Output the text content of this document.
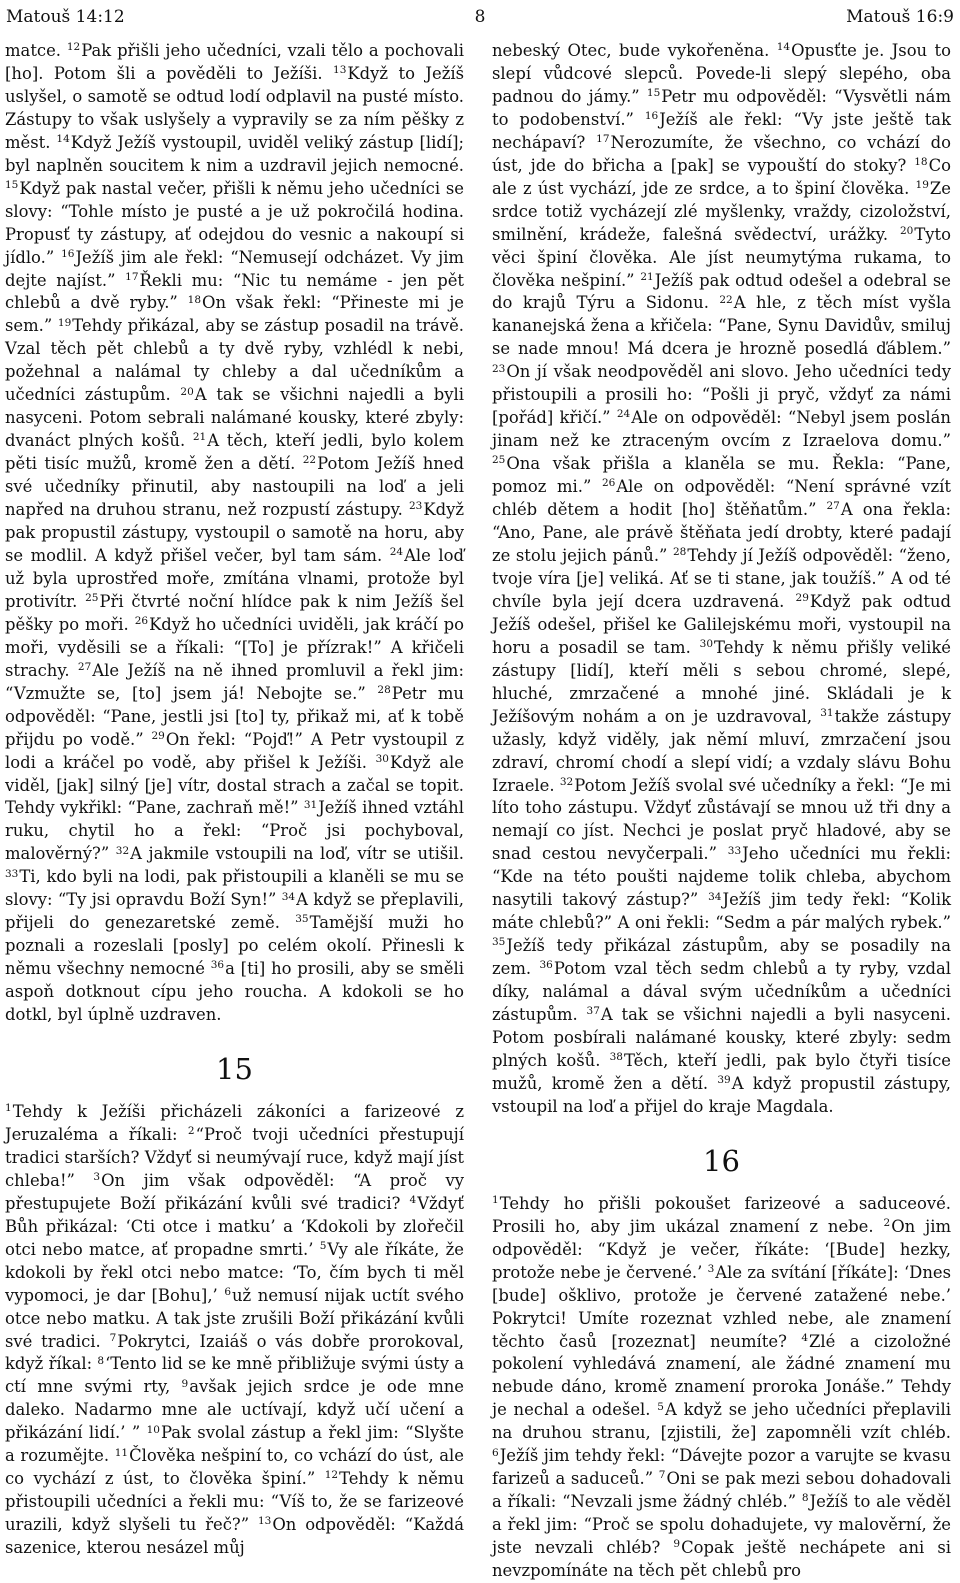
Matouš 14:12	8	Matouš 16:9

matce. $^{12}$Pak přišli jeho učedníci, vzali tělo a pochovali [ho]. Potom šli a pověděli to Ježíši. $^{13}$Když to Ježíš uslyšel, o samotě se odtud lodí odplavil na pusté místo. Zástupy to však uslyšely a vypravily se za ním pěšky z měst. $^{14}$Když Ježíš vystoupil, uviděl veliký zástup [lidí]; byl naplněn soucitem k nim a uzdravil jejich nemocné. $^{15}$Když pak nastal večer, přišli k němu jeho učedníci se slovy: “Tohle místo je pusté a je už pokročilá hodina. Propusť ty zástupy, ať odejdou do vesnic a nakoupí si jídlo.” $^{16}$Ježíš jim ale řekl: “Nemusejí odcházet. Vy jim dejte najíst.” $^{17}$Řekli mu: “Nic tu nemáme - jen pět chlebů a dvě ryby.” $^{18}$On však řekl: “Přineste mi je sem.” $^{19}$Tehdy přikázal, aby se zástup posadil na trávě. Vzal těch pět chlebů a ty dvě ryby, vzhlédl k nebi, požehnal a nalámal ty chleby a dal učedníkům a učedníci zástupům. $^{20}$A tak se všichni najedli a byli nasyceni. Potom sebrali nalámané kousky, které zbyly: dvanáct plných košů. $^{21}$A těch, kteří jedli, bylo kolem pěti tisíc mužů, kromě žen a dětí. $^{22}$Potom Ježíš hned své učedníky přinutil, aby nastoupili na loď a jeli napřed na druhou stranu, než rozpustí zástupy. $^{23}$Když pak propustil zástupy, vystoupil o samotě na horu, aby se modlil. A když přišel večer, byl tam sám. $^{24}$Ale loď už byla uprostřed moře, zmítána vlnami, protože byl protivítr. $^{25}$Při čtvrté noční hlídce pak k nim Ježíš šel pěšky po moři. $^{26}$Když ho učedníci uviděli, jak kráčí po moři, vyděsili se a říkali: “[To] je přízrak!” A křičeli strachy. $^{27}$Ale Ježíš na ně ihned promluvil a řekl jim: “Vzmužte se, [to] jsem já! Nebojte se.” $^{28}$Petr mu odpověděl: “Pane, jestli jsi [to] ty, přikaž mi, ať k tobě přijdu po vodě.” $^{29}$On řekl: “Pojď!” A Petr vystoupil z lodi a kráčel po vodě, aby přišel k Ježíši. $^{30}$Když ale viděl, [jak] silný [je] vítr, dostal strach a začal se topit. Tehdy vykřikl: “Pane, zachraň mě!” $^{31}$Ježíš ihned vztáhl ruku, chytil ho a řekl: “Proč jsi pochyboval, malověrný?” $^{32}$A jakmile vstoupili na loď, vítr se utišil. $^{33}$Ti, kdo byli na lodi, pak přistoupili a klaněli se mu se slovy: “Ty jsi opravdu Boží Syn!” $^{34}$A když se přeplavili, přijeli do genezaretské země. $^{35}$Tamější muži ho poznali a rozeslali [posly] po celém okolí. Přinesli k němu všechny nemocné $^{36}$a [ti] ho prosili, aby se směli aspoň dotknout cípu jeho roucha. A kdokoli se ho dotkl, byl úplně uzdraven.

15

$^1$Tehdy k Ježíši přicházeli zákoníci a farizeové z Jeruzaléma a říkali: $^2$“Proč tvoji učedníci přestupují tradici starších? Vždyť si neumývají ruce, když mají jíst chleba!” $^3$On jim však odpověděl: “A proč vy přestupujete Boží přikázání kvůli své tradici? $^4$Vždyť Bůh přikázal: ‘Cti otce i matku’ a ‘Kdokoli by zlořečil otci nebo matce, ať propadne smrti.’ $^5$Vy ale říkáte, že kdokoli by řekl otci nebo matce: ‘To, čím bych ti měl vypomoci, je dar [Bohu],’ $^6$už nemusí nijak uctít svého otce nebo matku. A tak jste zrušili Boží přikázání kvůli své tradici. $^7$Pokrytci, Izaiáš o vás dobře prorokoval, když říkal: $^8$‘Tento lid se ke mně přibližuje svými ústy a ctí mne svými rty, $^9$avšak jejich srdce je ode mne daleko. Nadarmo mne ale uctívají, když učí učení a přikázání lidí.’ ” $^{10}$Pak svolal zástup a řekl jim: “Slyšte a rozumějte. $^{11}$Člověka nešpiní to, co vchází do úst, ale co vychází z úst, to člověka špiní.” $^{12}$Tehdy k němu přistoupili učedníci a řekli mu: “Víš to, že se farizeové urazili, když slyšeli tu řeč?” $^{13}$On odpověděl: “Každá sazenice, kterou nesázel můj

nebeský Otec, bude vykořeněna. $^{14}$Opusťte je. Jsou to slepí vůdcové slepců. Povede-li slepý slepého, oba padnou do jámy.” $^{15}$Petr mu odpověděl: “Vysvětli nám to podobenství.” $^{16}$Ježíš ale řekl: “Vy jste ještě tak nechápaví? $^{17}$Nerozumíte, že všechno, co vchází do úst, jde do břicha a [pak] se vypouští do stoky? $^{18}$Co ale z úst vychází, jde ze srdce, a to špiní člověka. $^{19}$Ze srdce totiž vycházejí zlé myšlenky, vraždy, cizoložství, smilnění, krádeže, falešná svědectví, urážky. $^{20}$Tyto věci špiní člověka. Ale jíst neumytýma rukama, to člověka nešpiní.” $^{21}$Ježíš pak odtud odešel a odebral se do krajů Týru a Sidonu. $^{22}$A hle, z těch míst vyšla kananejská žena a křičela: “Pane, Synu Davidův, smiluj se nade mnou! Má dcera je hrozně posedlá ďáblem.” $^{23}$On jí však neodpověděl ani slovo. Jeho učedníci tedy přistoupili a prosili ho: “Pošli ji pryč, vždyť za námi [pořád] křičí.” $^{24}$Ale on odpověděl: “Nebyl jsem poslán jinam než ke ztraceným ovcím z Izraelova domu.” $^{25}$Ona však přišla a klaněla se mu. Řekla: “Pane, pomoz mi.” $^{26}$Ale on odpověděl: “Není správné vzít chléb dětem a hodit [ho] štěňatům.” $^{27}$A ona řekla: “Ano, Pane, ale právě štěňata jedí drobty, které padají ze stolu jejich pánů.” $^{28}$Tehdy jí Ježíš odpověděl: “ženo, tvoje víra [je] veliká. Ať se ti stane, jak toužíš.” A od té chvíle byla její dcera uzdravená. $^{29}$Když pak odtud Ježíš odešel, přišel ke Galilejskému moři, vystoupil na horu a posadil se tam. $^{30}$Tehdy k němu přišly veliké zástupy [lidí], kteří měli s sebou chromé, slepé, hluché, zmrzačené a mnohé jiné. Skládali je k Ježíšovým nohám a on je uzdravoval, $^{31}$takže zástupy užasly, když viděly, jak němí mluví, zmrzačení jsou zdraví, chromí chodí a slepí vidí; a vzdaly slávu Bohu Izraele. $^{32}$Potom Ježíš svolal své učedníky a řekl: “Je mi líto toho zástupu. Vždyť zůstávají se mnou už tři dny a nemají co jíst. Nechci je poslat pryč hladové, aby se snad cestou nevyčerpali.” $^{33}$Jeho učedníci mu řekli: “Kde na této poušti najdeme tolik chleba, abychom nasytili takový zástup?” $^{34}$Ježíš jim tedy řekl: “Kolik máte chlebů?” A oni řekli: “Sedm a pár malých rybek.” $^{35}$Ježíš tedy přikázal zástupům, aby se posadily na zem. $^{36}$Potom vzal těch sedm chlebů a ty ryby, vzdal díky, nalámal a dával svým učedníkům a učedníci zástupům. $^{37}$A tak se všichni najedli a byli nasyceni. Potom posbírali nalámané kousky, které zbyly: sedm plných košů. $^{38}$Těch, kteří jedli, pak bylo čtyři tisíce mužů, kromě žen a dětí. $^{39}$A když propustil zástupy, vstoupil na loď a přijel do kraje Magdala.

16

$^1$Tehdy ho přišli pokoušet farizeové a saduceové. Prosili ho, aby jim ukázal znamení z nebe. $^2$On jim odpověděl: “Když je večer, říkáte: ‘[Bude] hezky, protože nebe je červené.’ $^3$Ale za svítání [říkáte]: ‘Dnes [bude] ošklivo, protože je červené zatažené nebe.’ Pokrytci! Umíte rozeznat vzhled nebe, ale znamení těchto časů [rozeznat] neumíte? $^4$Zlé a cizoložné pokolení vyhledává znamení, ale žádné znamení mu nebude dáno, kromě znamení proroka Jonáše.” Tehdy je nechal a odešel. $^5$A když se jeho učedníci přeplavili na druhou stranu, [zjistili, že] zapomněli vzít chléb. $^6$Ježíš jim tehdy řekl: “Dávejte pozor a varujte se kvasu farizeů a saduceů.” $^7$Oni se pak mezi sebou dohadovali a říkali: “Nevzali jsme žádný chléb.” $^8$Ježíš to ale věděl a řekl jim: “Proč se spolu dohadujete, vy malověrní, že jste nevzali chléb? $^9$Copak ještě nechápete ani si nevzpomínáte na těch pět chlebů pro
